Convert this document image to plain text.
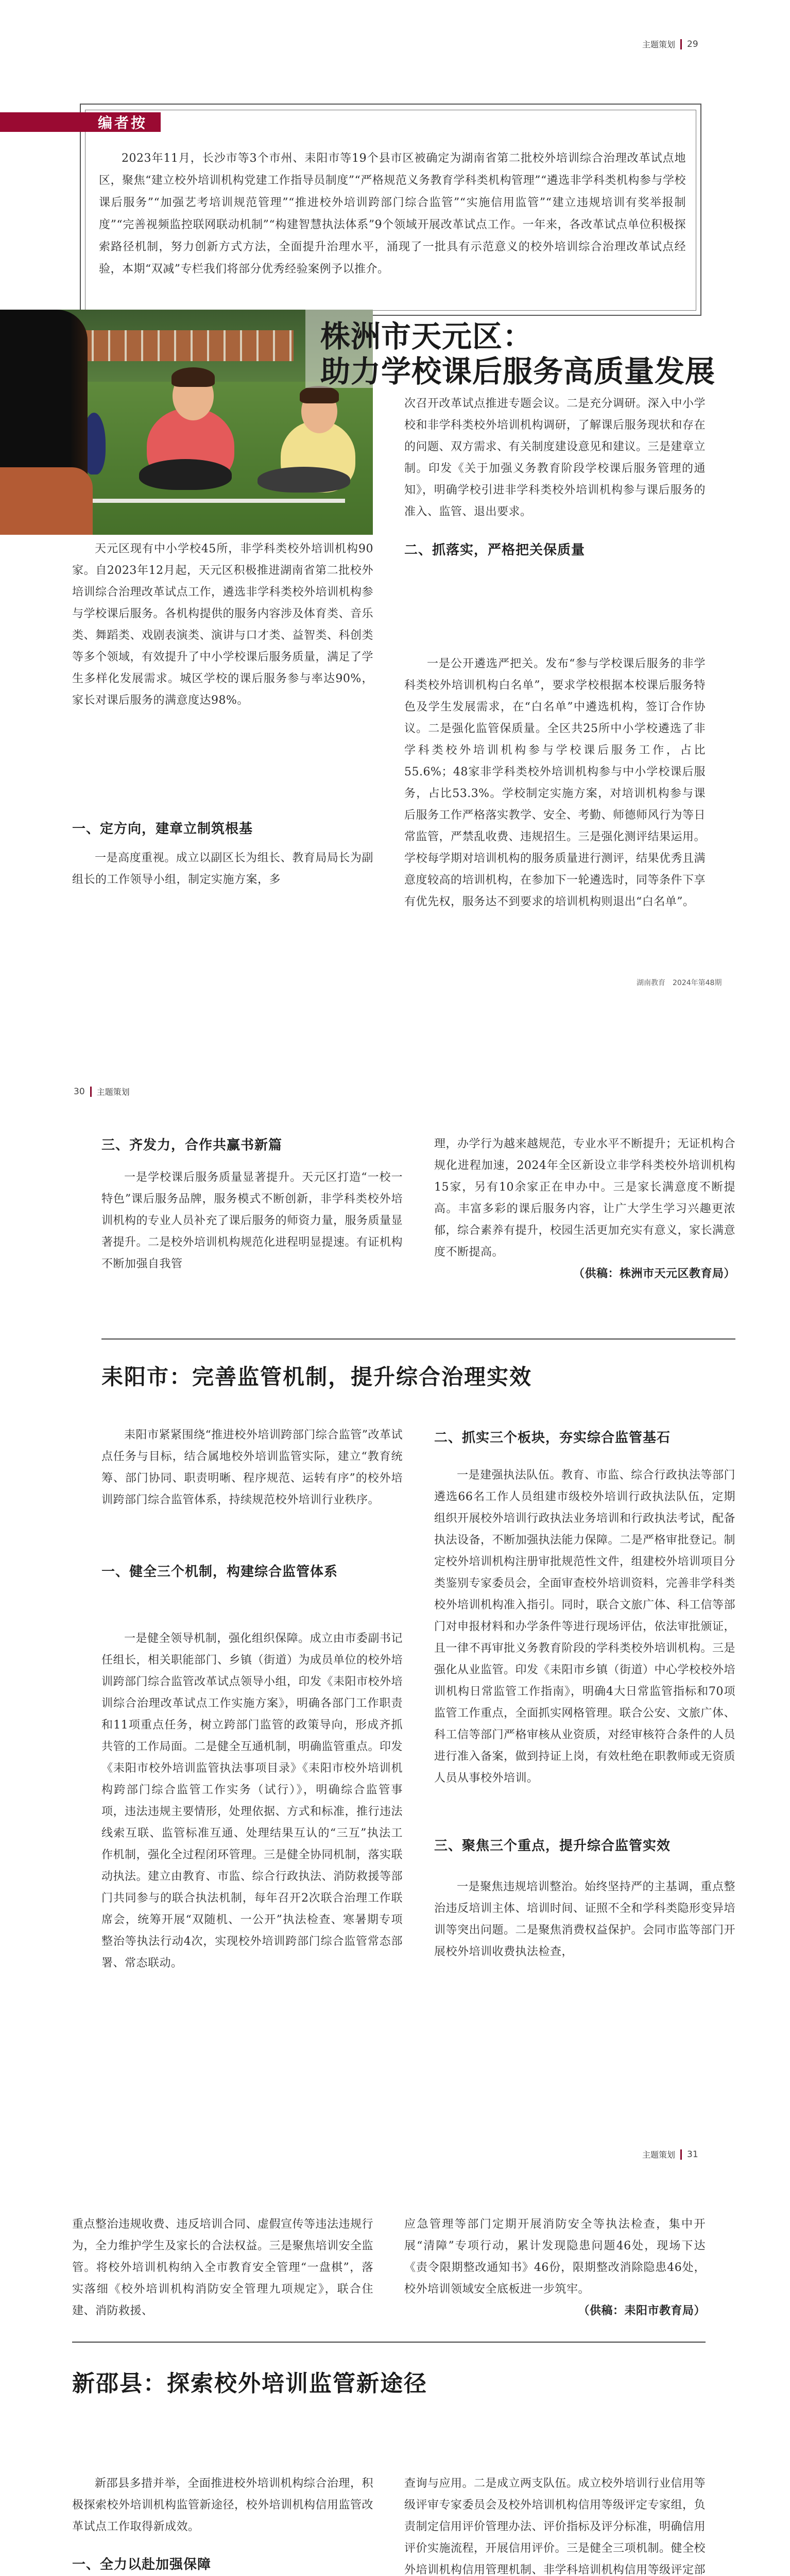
主题策划 29
编者按

2023年11月，长沙市等3个市州、耒阳市等19个县市区被确定为湖南省第二批校外培训综合治理改革试点地区，聚焦“建立校外培训机构党建工作指导员制度”“严格规范义务教育学科类机构管理”“遴选非学科类机构参与学校课后服务”“加强艺考培训规范管理”“推进校外培训跨部门综合监管”“实施信用监管”“建立违规培训有奖举报制度”“完善视频监控联网联动机制”“构建智慧执法体系”9个领域开展改革试点工作。一年来，各改革试点单位积极探索路径机制，努力创新方式方法，全面提升治理水平，涌现了一批具有示范意义的校外培训综合治理改革试点经验，本期“双减”专栏我们将部分优秀经验案例予以推介。

株洲市天元区：
助力学校课后服务高质量发展
次召开改革试点推进专题会议。二是充分调研。深入中小学校和非学科类校外培训机构调研，了解课后服务现状和存在的问题、双方需求、有关制度建设意见和建议。三是建章立制。印发《关于加强义务教育阶段学校课后服务管理的通知》，明确学校引进非学科类校外培训机构参与课后服务的准入、监管、退出要求。
二、抓落实，严格把关保质量

一是公开遴选严把关。发布“参与学校课后服务的非学科类校外培训机构白名单”，要求学校根据本校课后服务特色及学生发展需求，在“白名单”中遴选机构，签订合作协议。二是强化监管保质量。全区共25所中小学校遴选了非学科类校外培训机构参与学校课后服务工作，占比55.6%；48家非学科类校外培训机构参与中小学校课后服务，占比53.3%。学校制定实施方案，对培训机构参与课后服务工作严格落实教学、安全、考勤、师德师风行为等日常监管，严禁乱收费、违规招生。三是强化测评结果运用。学校每学期对培训机构的服务质量进行测评，结果优秀且满意度较高的培训机构，在参加下一轮遴选时，同等条件下享有优先权，服务达不到要求的培训机构则退出“白名单”。

天元区现有中小学校45所，非学科类校外培训机构90家。自2023年12月起，天元区积极推进湖南省第二批校外培训综合治理改革试点工作，遴选非学科类校外培训机构参与学校课后服务。各机构提供的服务内容涉及体育类、音乐类、舞蹈类、戏剧表演类、演讲与口才类、益智类、科创类等多个领域，有效提升了中小学校课后服务质量，满足了学生多样化发展需求。城区学校的课后服务参与率达90%，家长对课后服务的满意度达98%。

一、定方向，建章立制筑根基

一是高度重视。成立以副区长为组长、教育局局长为副组长的工作领导小组，制定实施方案，多

湖南教育　2024年第48期
30 主题策划
三、齐发力，合作共赢书新篇

一是学校课后服务质量显著提升。天元区打造“一校一特色”课后服务品牌，服务模式不断创新，非学科类校外培训机构的专业人员补充了课后服务的师资力量，服务质量显著提升。二是校外培训机构规范化进程明显提速。有证机构不断加强自我管

理，办学行为越来越规范，专业水平不断提升；无证机构合规化进程加速，2024年全区新设立非学科类校外培训机构15家，另有10余家正在申办中。三是家长满意度不断提高。丰富多彩的课后服务内容，让广大学生学习兴趣更浓郁，综合素养有提升，校园生活更加充实有意义，家长满意度不断提高。
（供稿：株洲市天元区教育局）
耒阳市：完善监管机制，提升综合治理实效

耒阳市紧紧围绕“推进校外培训跨部门综合监管”改革试点任务与目标，结合属地校外培训监管实际，建立“教育统筹、部门协同、职责明晰、程序规范、运转有序”的校外培训跨部门综合监管体系，持续规范校外培训行业秩序。

一、健全三个机制，构建综合监管体系

一是健全领导机制，强化组织保障。成立由市委副书记任组长，相关职能部门、乡镇（街道）为成员单位的校外培训跨部门综合监管改革试点领导小组，印发《耒阳市校外培训综合治理改革试点工作实施方案》，明确各部门工作职责和11项重点任务，树立跨部门监管的政策导向，形成齐抓共管的工作局面。二是健全互通机制，明确监管重点。印发《耒阳市校外培训监管执法事项目录》《耒阳市校外培训机构跨部门综合监管工作实务（试行）》，明确综合监管事项，违法违规主要情形，处理依据、方式和标准，推行违法线索互联、监管标准互通、处理结果互认的“三互”执法工作机制，强化全过程闭环管理。三是健全协同机制，落实联动执法。建立由教育、市监、综合行政执法、消防救援等部门共同参与的联合执法机制，每年召开2次联合治理工作联席会，统筹开展“双随机、一公开”执法检查、寒暑期专项整治等执法行动4次，实现校外培训跨部门综合监管常态部署、常态联动。

二、抓实三个板块，夯实综合监管基石

一是建强执法队伍。教育、市监、综合行政执法等部门遴选66名工作人员组建市级校外培训行政执法队伍，定期组织开展校外培训行政执法业务培训和行政执法考试，配备执法设备，不断加强执法能力保障。二是严格审批登记。制定校外培训机构注册审批规范性文件，组建校外培训项目分类鉴别专家委员会，全面审查校外培训资料，完善非学科类校外培训机构准入指引。同时，联合文旅广体、科工信等部门对申报材料和办学条件等进行现场评估，依法审批颁证，且一律不再审批义务教育阶段的学科类校外培训机构。三是强化从业监管。印发《耒阳市乡镇（街道）中心学校校外培训机构日常监管工作指南》，明确4大日常监管指标和70项监管工作重点，全面抓实网格管理。联合公安、文旅广体、科工信等部门严格审核从业资质，对经审核符合条件的人员进行准入备案，做到持证上岗，有效杜绝在职教师或无资质人员从事校外培训。

三、聚焦三个重点，提升综合监管实效

一是聚焦违规培训整治。始终坚持严的主基调，重点整治违反培训主体、培训时间、证照不全和学科类隐形变异培训等突出问题。二是聚焦消费权益保护。会同市监等部门开展校外培训收费执法检查，

主题策划 31
重点整治违规收费、违反培训合同、虚假宣传等违法违规行为，全力维护学生及家长的合法权益。三是聚焦培训安全监管。将校外培训机构纳入全市教育安全管理“一盘棋”，落实落细《校外培训机构消防安全管理九项规定》，联合住建、消防救援、
应急管理等部门定期开展消防安全等执法检查，集中开展“清障”专项行动，累计发现隐患问题46处，现场下达《责令限期整改通知书》46份，限期整改消除隐患46处，校外培训领域安全底板进一步筑牢。
（供稿：耒阳市教育局）
新邵县：探索校外培训监管新途径

新邵县多措并举，全面推进校外培训机构综合治理，积极探索校外培训机构监管新途径，校外培训机构信用监管改革试点工作取得新成效。

一、全力以赴加强保障

查询与应用。二是成立两支队伍。成立校外培训行业信用等级评审专家委员会及校外培训机构信用等级评定专家组，负责制定信用评价管理办法、评价指标及评分标准，明确信用评价实施流程，开展信用评价。三是健全三项机制。健全校外培训机构信用管理机制、非学科培训机构信用等级评定部
